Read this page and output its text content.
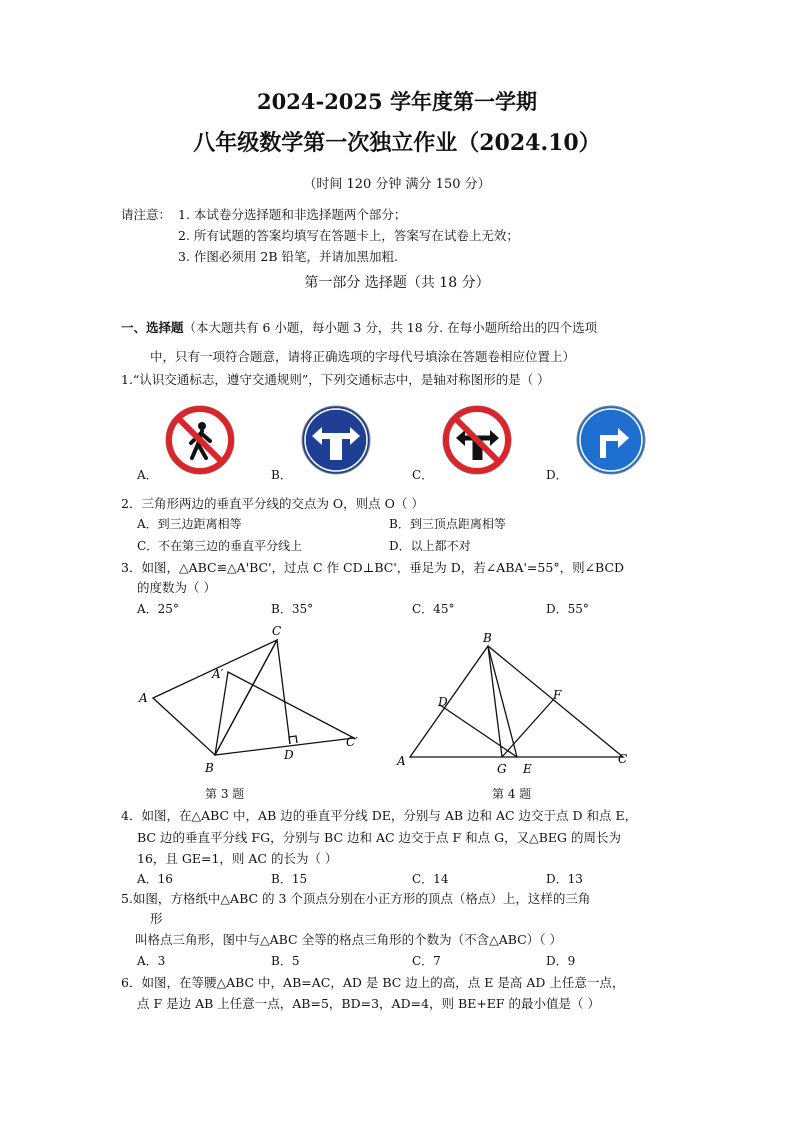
2024-2025 学年度第一学期
八年级数学第一次独立作业（2024.10）
（时间 120 分钟 满分 150 分）
请注意： 1. 本试卷分选择题和非选择题两个部分；
2. 所有试题的答案均填写在答题卡上，答案写在试卷上无效；
3. 作图必须用 2B 铅笔，并请加黑加粗.
第一部分 选择题（共 18 分）
一、选择题（本大题共有 6 小题，每小题 3 分，共 18 分. 在每小题所给出的四个选项
中，只有一项符合题意，请将正确选项的字母代号填涂在答题卷相应位置上）
1.“认识交通标志，遵守交通规则”，下列交通标志中，是轴对称图形的是（ ）
A．	B．	C．	D．
2．三角形两边的垂直平分线的交点为 O，则点 O（ ）
A．到三边距离相等	B．到三顶点距离相等
C．不在第三边的垂直平分线上	D．以上都不对
3．如图，△ABC≌△A'BC'，过点 C 作 CD⊥BC'，垂足为 D，若∠ABA'=55°，则∠BCD
的度数为（ ）
A．25°	B．35°	C．45°	D．55°
A
A′
C
C′
D
B
第 3 题
A
B
C
D
E
F
G
第 4 题
4．如图，在△ABC 中，AB 边的垂直平分线 DE，分别与 AB 边和 AC 边交于点 D 和点 E，
BC 边的垂直平分线 FG，分别与 BC 边和 AC 边交于点 F 和点 G，又△BEG 的周长为
16，且 GE=1，则 AC 的长为（ ）
A．16	B．15	C．14	D．13
5.如图，方格纸中△ABC 的 3 个顶点分别在小正方形的顶点（格点）上，这样的三角
形
叫格点三角形，图中与△ABC 全等的格点三角形的个数为（不含△ABC）（ ）
A．3	B．5	C．7	D．9
6．如图，在等腰△ABC 中，AB=AC，AD 是 BC 边上的高，点 E 是高 AD 上任意一点，
点 F 是边 AB 上任意一点，AB=5，BD=3，AD=4，则 BE+EF 的最小值是（ ）
